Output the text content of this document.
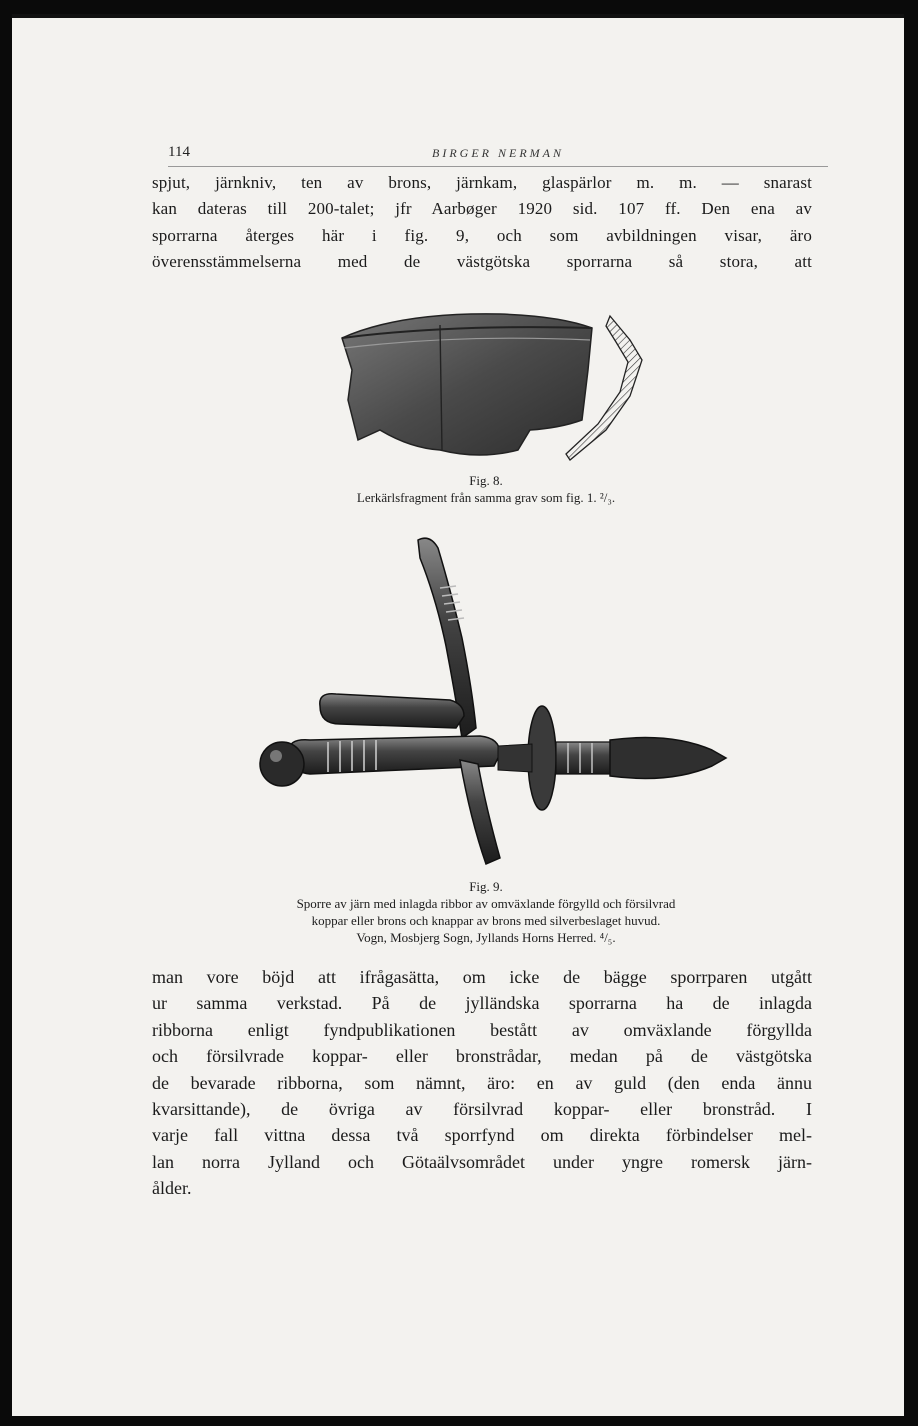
114	BIRGER NERMAN

spjut, järnkniv, ten av brons, järnkam, glaspärlor m. m. — snarast
kan dateras till 200-talet; jfr Aarbøger 1920 sid. 107 ff. Den ena av
sporrarna återges här i fig. 9, och som avbildningen visar, äro
överensstämmelserna med de västgötska sporrarna så stora, att

Fig. 8.
Lerkärlsfragment från samma grav som fig. 1. ²/₃.
Fig. 9.
Sporre av järn med inlagda ribbor av omväxlande förgylld och försilvrad
koppar eller brons och knappar av brons med silverbeslaget huvud.
Vogn, Mosbjerg Sogn, Jyllands Horns Herred. ⁴/₅.

man vore böjd att ifrågasätta, om icke de bägge sporrparen utgått
ur samma verkstad. På de jylländska sporrarna ha de inlagda
ribborna enligt fyndpublikationen bestått av omväxlande förgyllda
och försilvrade koppar- eller bronstrådar, medan på de västgötska
de bevarade ribborna, som nämnt, äro: en av guld (den enda ännu
kvarsittande), de övriga av försilvrad koppar- eller bronstråd. I
varje fall vittna dessa två sporrfynd om direkta förbindelser mel-
lan norra Jylland och Götaälvsområdet under yngre romersk järn-
ålder.
